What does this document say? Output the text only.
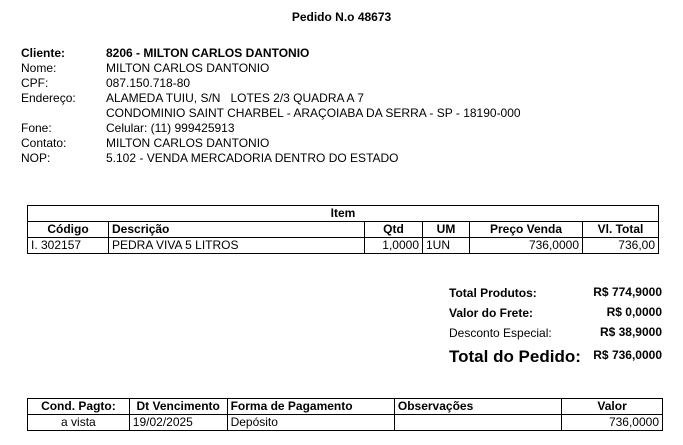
Pedido N.o 48673
Cliente:	8206 - MILTON CARLOS DANTONIO
Nome:	MILTON CARLOS DANTONIO
CPF:	087.150.718-80
Endereço:	ALAMEDA TUIU, S/N   LOTES 2/3 QUADRA A 7
CONDOMINIO SAINT CHARBEL - ARAÇOIABA DA SERRA - SP - 18190-000
Fone:	Celular: (11) 999425913
Contato:	MILTON CARLOS DANTONIO
NOP:	5.102 - VENDA MERCADORIA DENTRO DO ESTADO
Item					
Código	Descrição	Qtd	UM	Preço Venda	Vl. Total
I. 302157	PEDRA VIVA 5 LITROS	1,0000	1UN	736,0000	736,00
Total Produtos:	R$ 774,9000
Valor do Frete:	R$ 0,0000
Desconto Especial:	R$ 38,9000
Total do Pedido:	R$ 736,0000
Cond. Pagto:	Dt Vencimento	Forma de Pagamento	Observações	Valor
a vista	19/02/2025	Depósito		736,0000
